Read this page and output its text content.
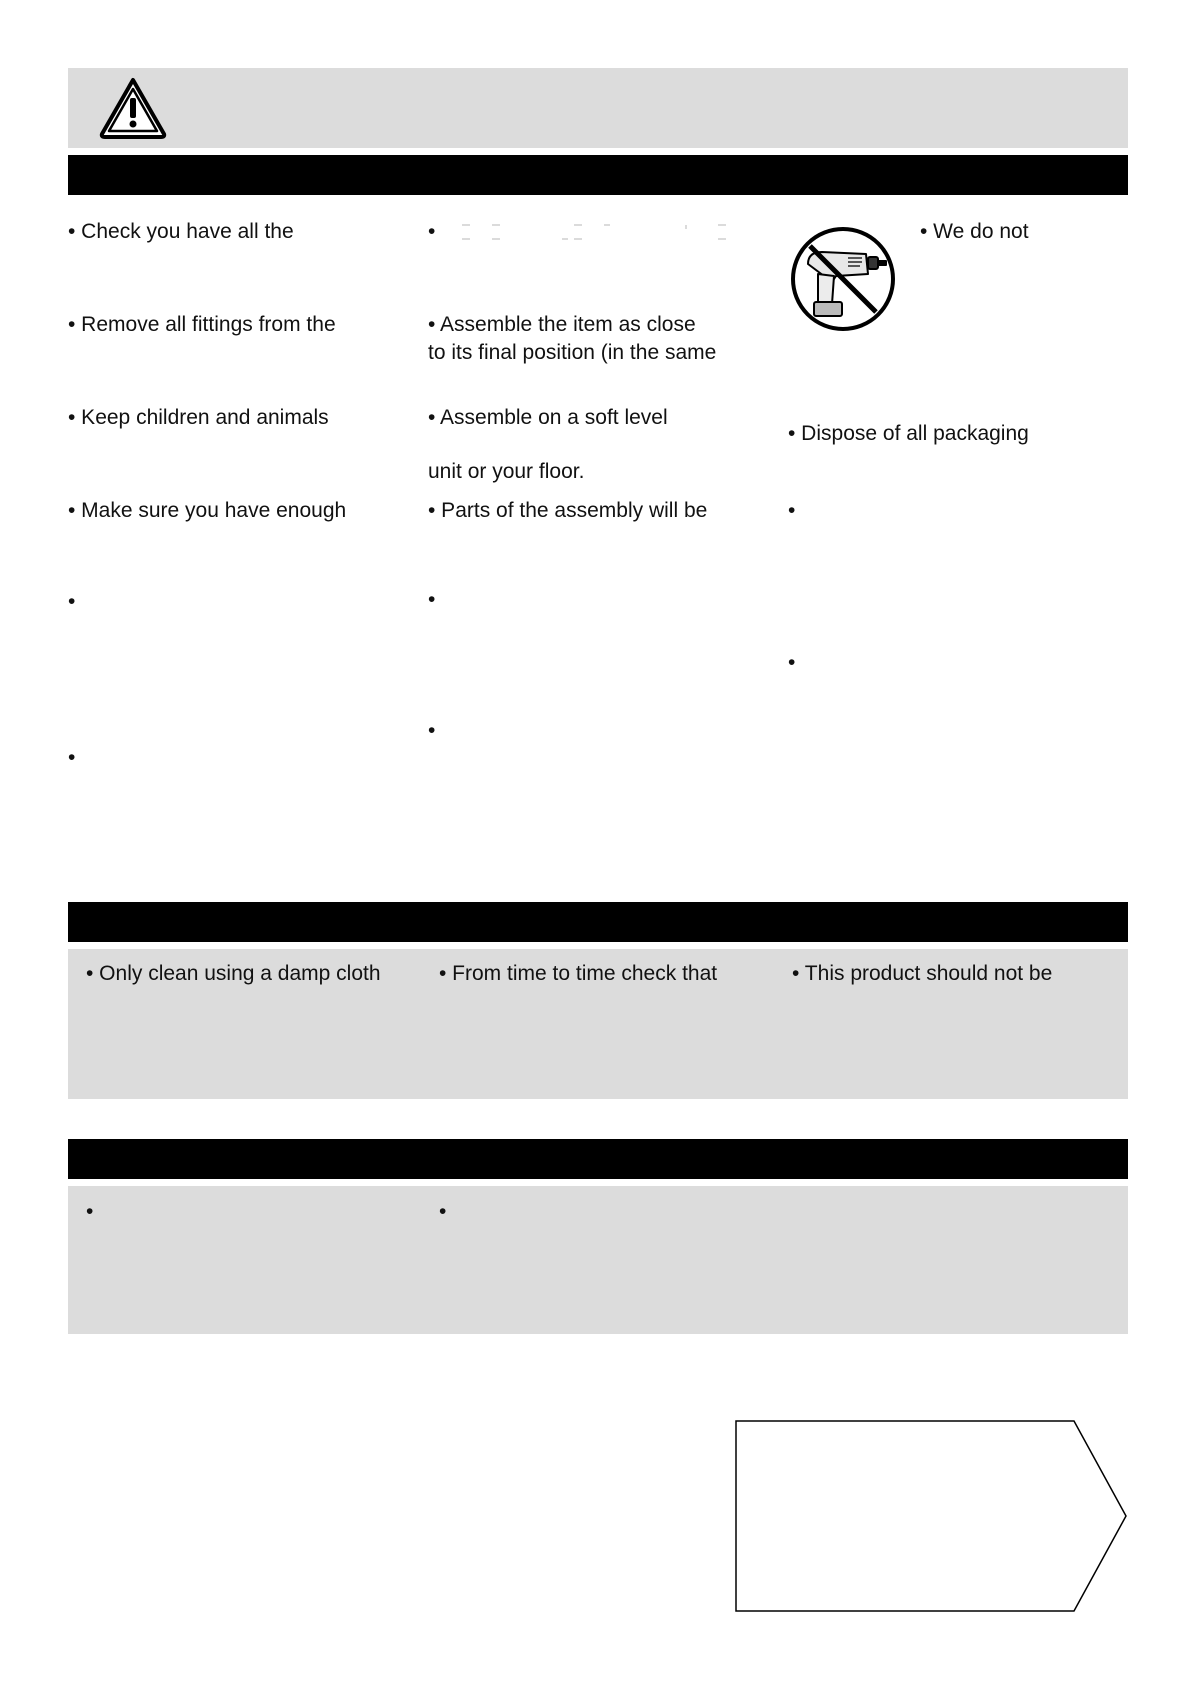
• Check you have all the
• Remove all fittings from the
• Keep children and animals
• Make sure you have enough
•
•
•
• Assemble the item as close
to its final position (in the same
• Assemble on a soft level
unit or your floor.
• Parts of the assembly will be
•
•
• We do not
• Dispose of all packaging
•
•
• Only clean using a damp cloth	• From time to time check that	• This product should not be
•	•
